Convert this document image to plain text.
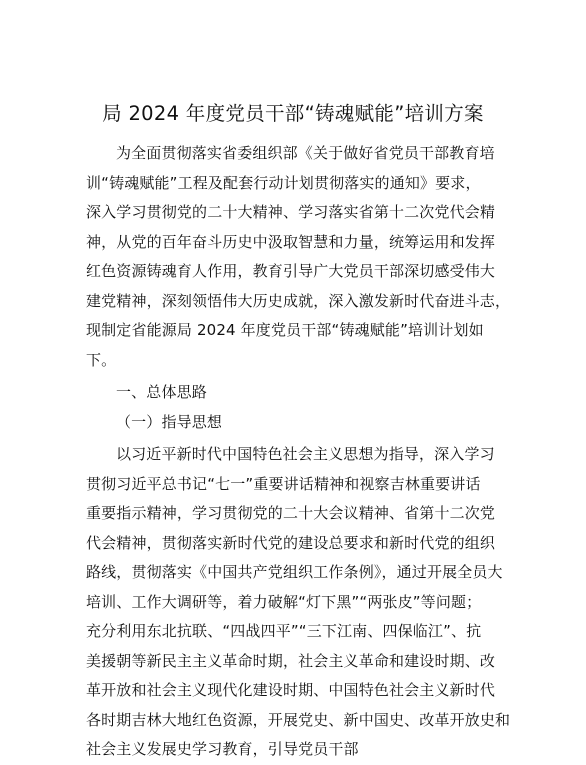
局 2024 年度党员干部“铸魂赋能”培训方案
为全面贯彻落实省委组织部《关于做好省党员干部教育培
训“铸魂赋能”工程及配套行动计划贯彻落实的通知》要求，
深入学习贯彻党的二十大精神、学习落实省第十二次党代会精
神，从党的百年奋斗历史中汲取智慧和力量，统筹运用和发挥
红色资源铸魂育人作用，教育引导广大党员干部深切感受伟大
建党精神，深刻领悟伟大历史成就，深入激发新时代奋进斗志，
现制定省能源局 2024 年度党员干部“铸魂赋能”培训计划如
下。
一、总体思路
（一）指导思想
以习近平新时代中国特色社会主义思想为指导，深入学习
贯彻习近平总书记“七一”重要讲话精神和视察吉林重要讲话
重要指示精神，学习贯彻党的二十大会议精神、省第十二次党
代会精神，贯彻落实新时代党的建设总要求和新时代党的组织
路线，贯彻落实《中国共产党组织工作条例》，通过开展全员大
培训、工作大调研等，着力破解“灯下黑”“两张皮”等问题；
充分利用东北抗联、“四战四平”“三下江南、四保临江”、抗
美援朝等新民主主义革命时期，社会主义革命和建设时期、改
革开放和社会主义现代化建设时期、中国特色社会主义新时代
各时期吉林大地红色资源，开展党史、新中国史、改革开放史和
社会主义发展史学习教育，引导党员干部
